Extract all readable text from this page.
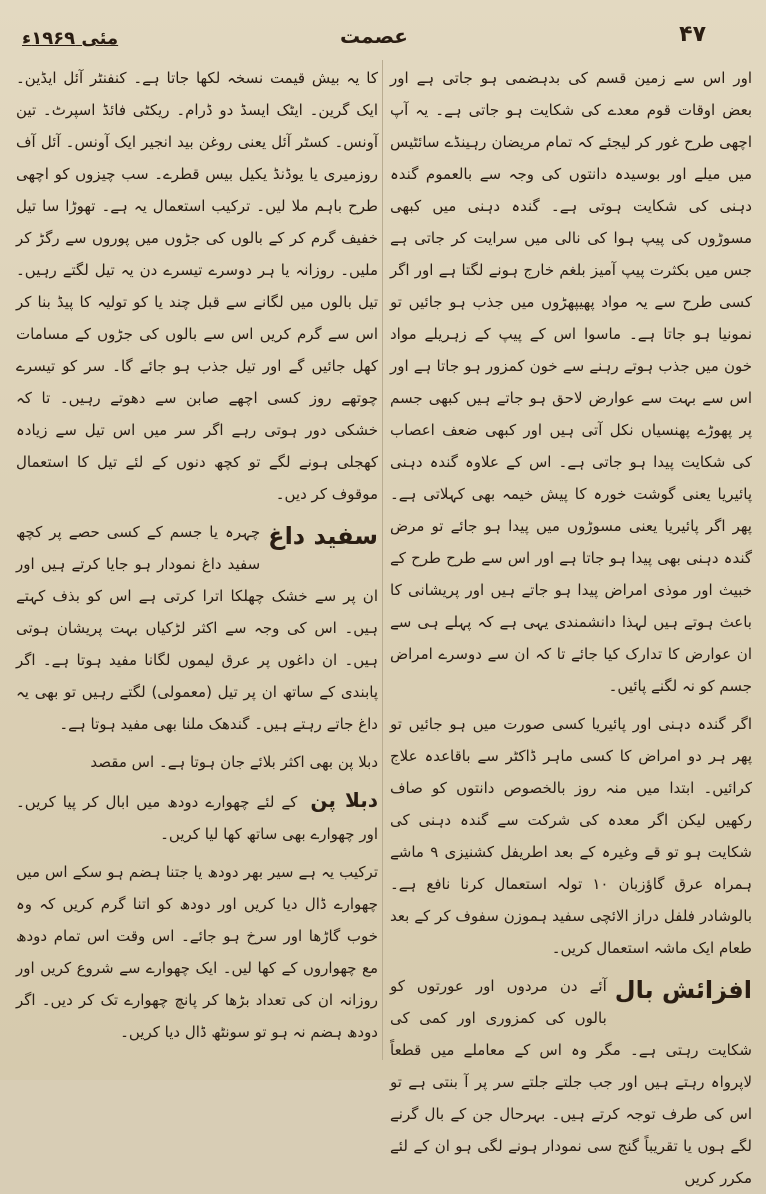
۴۷
عصمت
مئی ۱۹۶۹ء

اور اس سے زمین قسم کی بدہضمی ہو جاتی ہے اور بعض اوقات قوم معدے کی شکایت ہو جاتی ہے۔ یہ آپ اچھی طرح غور کر لیجئے کہ تمام مریضان رہینڈے سائٹیس میں میلے اور بوسیدہ دانتوں کی وجہ سے بالعموم گندہ دہنی کی شکایت ہوتی ہے۔ گندہ دہنی میں کبھی مسوڑوں کی پیپ ہوا کی نالی میں سرایت کر جاتی ہے جس میں بکثرت پیپ آمیز بلغم خارج ہونے لگتا ہے اور اگر کسی طرح سے یہ مواد پھیپھڑوں میں جذب ہو جائیں تو نمونیا ہو جاتا ہے۔ ماسوا اس کے پیپ کے زہریلے مواد خون میں جذب ہوتے رہنے سے خون کمزور ہو جاتا ہے اور اس سے بہت سے عوارض لاحق ہو جاتے ہیں کبھی جسم پر پھوڑے پھنسیاں نکل آتی ہیں اور کبھی ضعف اعصاب کی شکایت پیدا ہو جاتی ہے۔ اس کے علاوہ گندہ دہنی پائیریا یعنی گوشت خورہ کا پیش خیمہ بھی کہلاتی ہے۔ پھر اگر پائیریا یعنی مسوڑوں میں پیدا ہو جائے تو مرض گندہ دہنی بھی پیدا ہو جاتا ہے اور اس سے طرح طرح کے خبیث اور موذی امراض پیدا ہو جاتے ہیں اور پریشانی کا باعث ہوتے ہیں لہذا دانشمندی یہی ہے کہ پہلے ہی سے ان عوارض کا تدارک کیا جائے تا کہ ان سے دوسرے امراض جسم کو نہ لگنے پائیں۔

اگر گندہ دہنی اور پائیریا کسی صورت میں ہو جائیں تو پھر ہر دو امراض کا کسی ماہر ڈاکٹر سے باقاعدہ علاج کرائیں۔ ابتدا میں منہ روز بالخصوص دانتوں کو صاف رکھیں لیکن اگر معدہ کی شرکت سے گندہ دہنی کی شکایت ہو تو قے وغیرہ کے بعد اطریفل کشنیزی ۹ ماشے ہمراہ عرق گاؤزبان ۱۰ تولہ استعمال کرنا نافع ہے۔ بالوشادر فلفل دراز الائچی سفید ہموزن سفوف کر کے بعد طعام ایک ماشہ استعمال کریں۔

افزائش بال
آئے دن مردوں اور عورتوں کو بالوں کی کمزوری اور کمی کی شکایت رہتی ہے۔ مگر وہ اس کے معاملے میں قطعاً لاپرواہ رہتے ہیں اور جب جلتے جلتے سر پر آ بنتی ہے تو اس کی طرف توجہ کرتے ہیں۔ بہرحال جن کے بال گرنے لگے ہوں یا تقریباً گنج سی نمودار ہونے لگی ہو ان کے لئے مکرر کریں

کا یہ بیش قیمت نسخہ لکھا جاتا ہے۔ کنفنٹر آئل ایڈین۔ ایک گرین۔ ایٹک ایسڈ دو ڈرام۔ ریکٹی فائڈ اسپرٹ۔ تین آونس۔ کسٹر آئل یعنی روغن بید انجیر ایک آونس۔ آئل آف روزمیری یا یوڈنڈ یکیل بیس قطرے۔ سب چیزوں کو اچھی طرح باہم ملا لیں۔ ترکیب استعمال یہ ہے۔ تھوڑا سا تیل خفیف گرم کر کے بالوں کی جڑوں میں پوروں سے رگڑ کر ملیں۔ روزانہ یا ہر دوسرے تیسرے دن یہ تیل لگتے رہیں۔ تیل بالوں میں لگانے سے قبل چند یا کو تولیہ کا پیڈ بنا کر اس سے گرم کریں اس سے بالوں کی جڑوں کے مسامات کھل جائیں گے اور تیل جذب ہو جائے گا۔ سر کو تیسرے چوتھے روز کسی اچھے صابن سے دھوتے رہیں۔ تا کہ خشکی دور ہوتی رہے اگر سر میں اس تیل سے زیادہ کھجلی ہونے لگے تو کچھ دنوں کے لئے تیل کا استعمال موقوف کر دیں۔

سفید داغ
چہرہ یا جسم کے کسی حصے پر کچھ سفید داغ نمودار ہو جایا کرتے ہیں اور ان پر سے خشک چھلکا اترا کرتی ہے اس کو بذف کہتے ہیں۔ اس کی وجہ سے اکثر لڑکیاں بہت پریشان ہوتی ہیں۔ ان داغوں پر عرق لیموں لگانا مفید ہوتا ہے۔ اگر پابندی کے ساتھ ان پر تیل (معمولی) لگتے رہیں تو بھی یہ داغ جاتے رہتے ہیں۔ گندھک ملنا بھی مفید ہوتا ہے۔

دبلا پن بھی اکثر بلائے جان ہوتا ہے۔ اس مقصد

دبلا پن کے لئے چھوارے دودھ میں ابال کر پیا کریں۔ اور چھوارے بھی ساتھ کھا لیا کریں۔

ترکیب یہ ہے سیر بھر دودھ یا جتنا ہضم ہو سکے اس میں چھوارے ڈال دیا کریں اور دودھ کو اتنا گرم کریں کہ وہ خوب گاڑھا اور سرخ ہو جائے۔ اس وقت اس تمام دودھ مع چھواروں کے کھا لیں۔ ایک چھوارے سے شروع کریں اور روزانہ ان کی تعداد بڑھا کر پانچ چھوارے تک کر دیں۔ اگر دودھ ہضم نہ ہو تو سونٹھ ڈال دیا کریں۔
